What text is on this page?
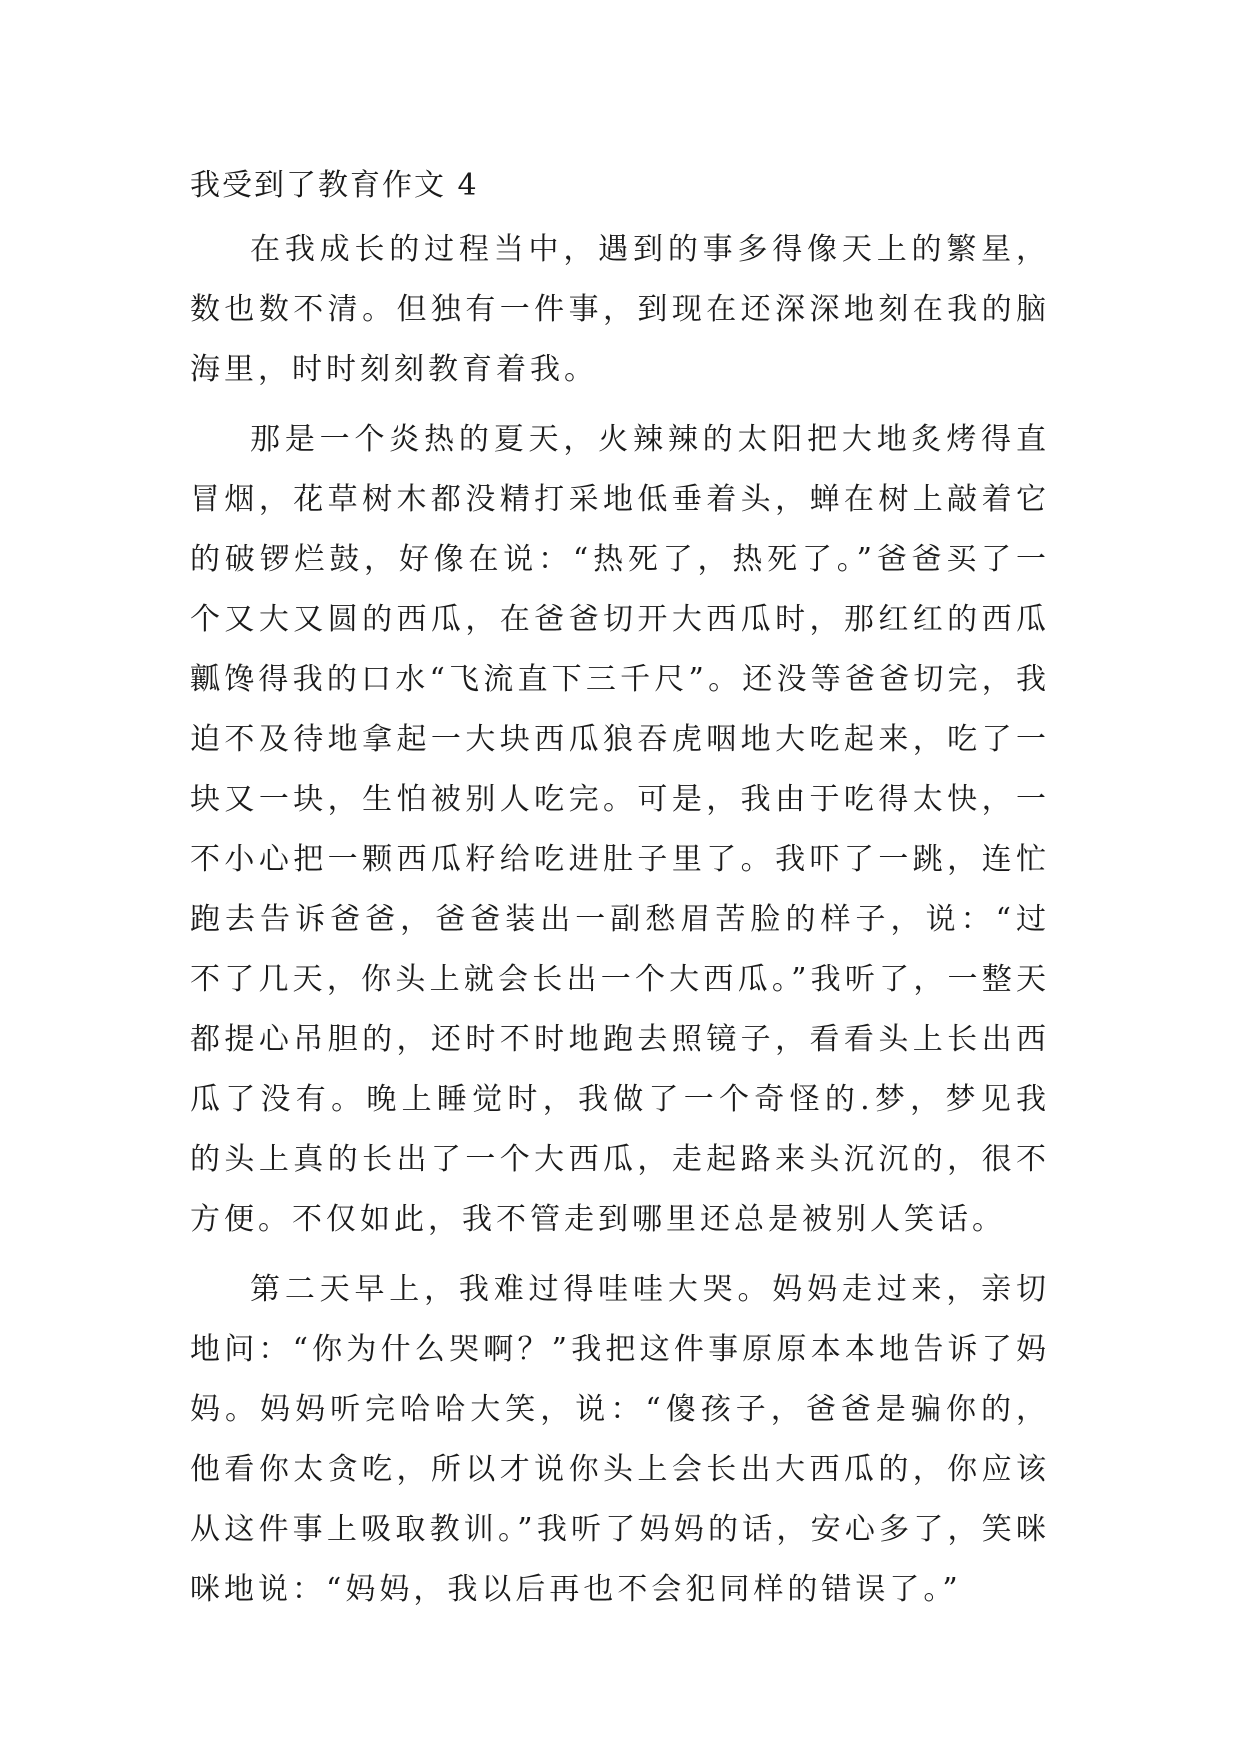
我受到了教育作文 4

在我成长的过程当中，遇到的事多得像天上的繁星，数也数不清。但独有一件事，到现在还深深地刻在我的脑海里，时时刻刻教育着我。

那是一个炎热的夏天，火辣辣的太阳把大地炙烤得直冒烟，花草树木都没精打采地低垂着头，蝉在树上敲着它的破锣烂鼓，好像在说：“热死了，热死了。”爸爸买了一个又大又圆的西瓜，在爸爸切开大西瓜时，那红红的西瓜瓤馋得我的口水“飞流直下三千尺”。还没等爸爸切完，我迫不及待地拿起一大块西瓜狼吞虎咽地大吃起来，吃了一块又一块，生怕被别人吃完。可是，我由于吃得太快，一不小心把一颗西瓜籽给吃进肚子里了。我吓了一跳，连忙跑去告诉爸爸，爸爸装出一副愁眉苦脸的样子，说：“过不了几天，你头上就会长出一个大西瓜。”我听了，一整天都提心吊胆的，还时不时地跑去照镜子，看看头上长出西瓜了没有。晚上睡觉时，我做了一个奇怪的.梦，梦见我的头上真的长出了一个大西瓜，走起路来头沉沉的，很不方便。不仅如此，我不管走到哪里还总是被别人笑话。

第二天早上，我难过得哇哇大哭。妈妈走过来，亲切地问：“你为什么哭啊？”我把这件事原原本本地告诉了妈妈。妈妈听完哈哈大笑，说：“傻孩子，爸爸是骗你的，他看你太贪吃，所以才说你头上会长出大西瓜的，你应该从这件事上吸取教训。”我听了妈妈的话，安心多了，笑咪咪地说：“妈妈，我以后再也不会犯同样的错误了。”
